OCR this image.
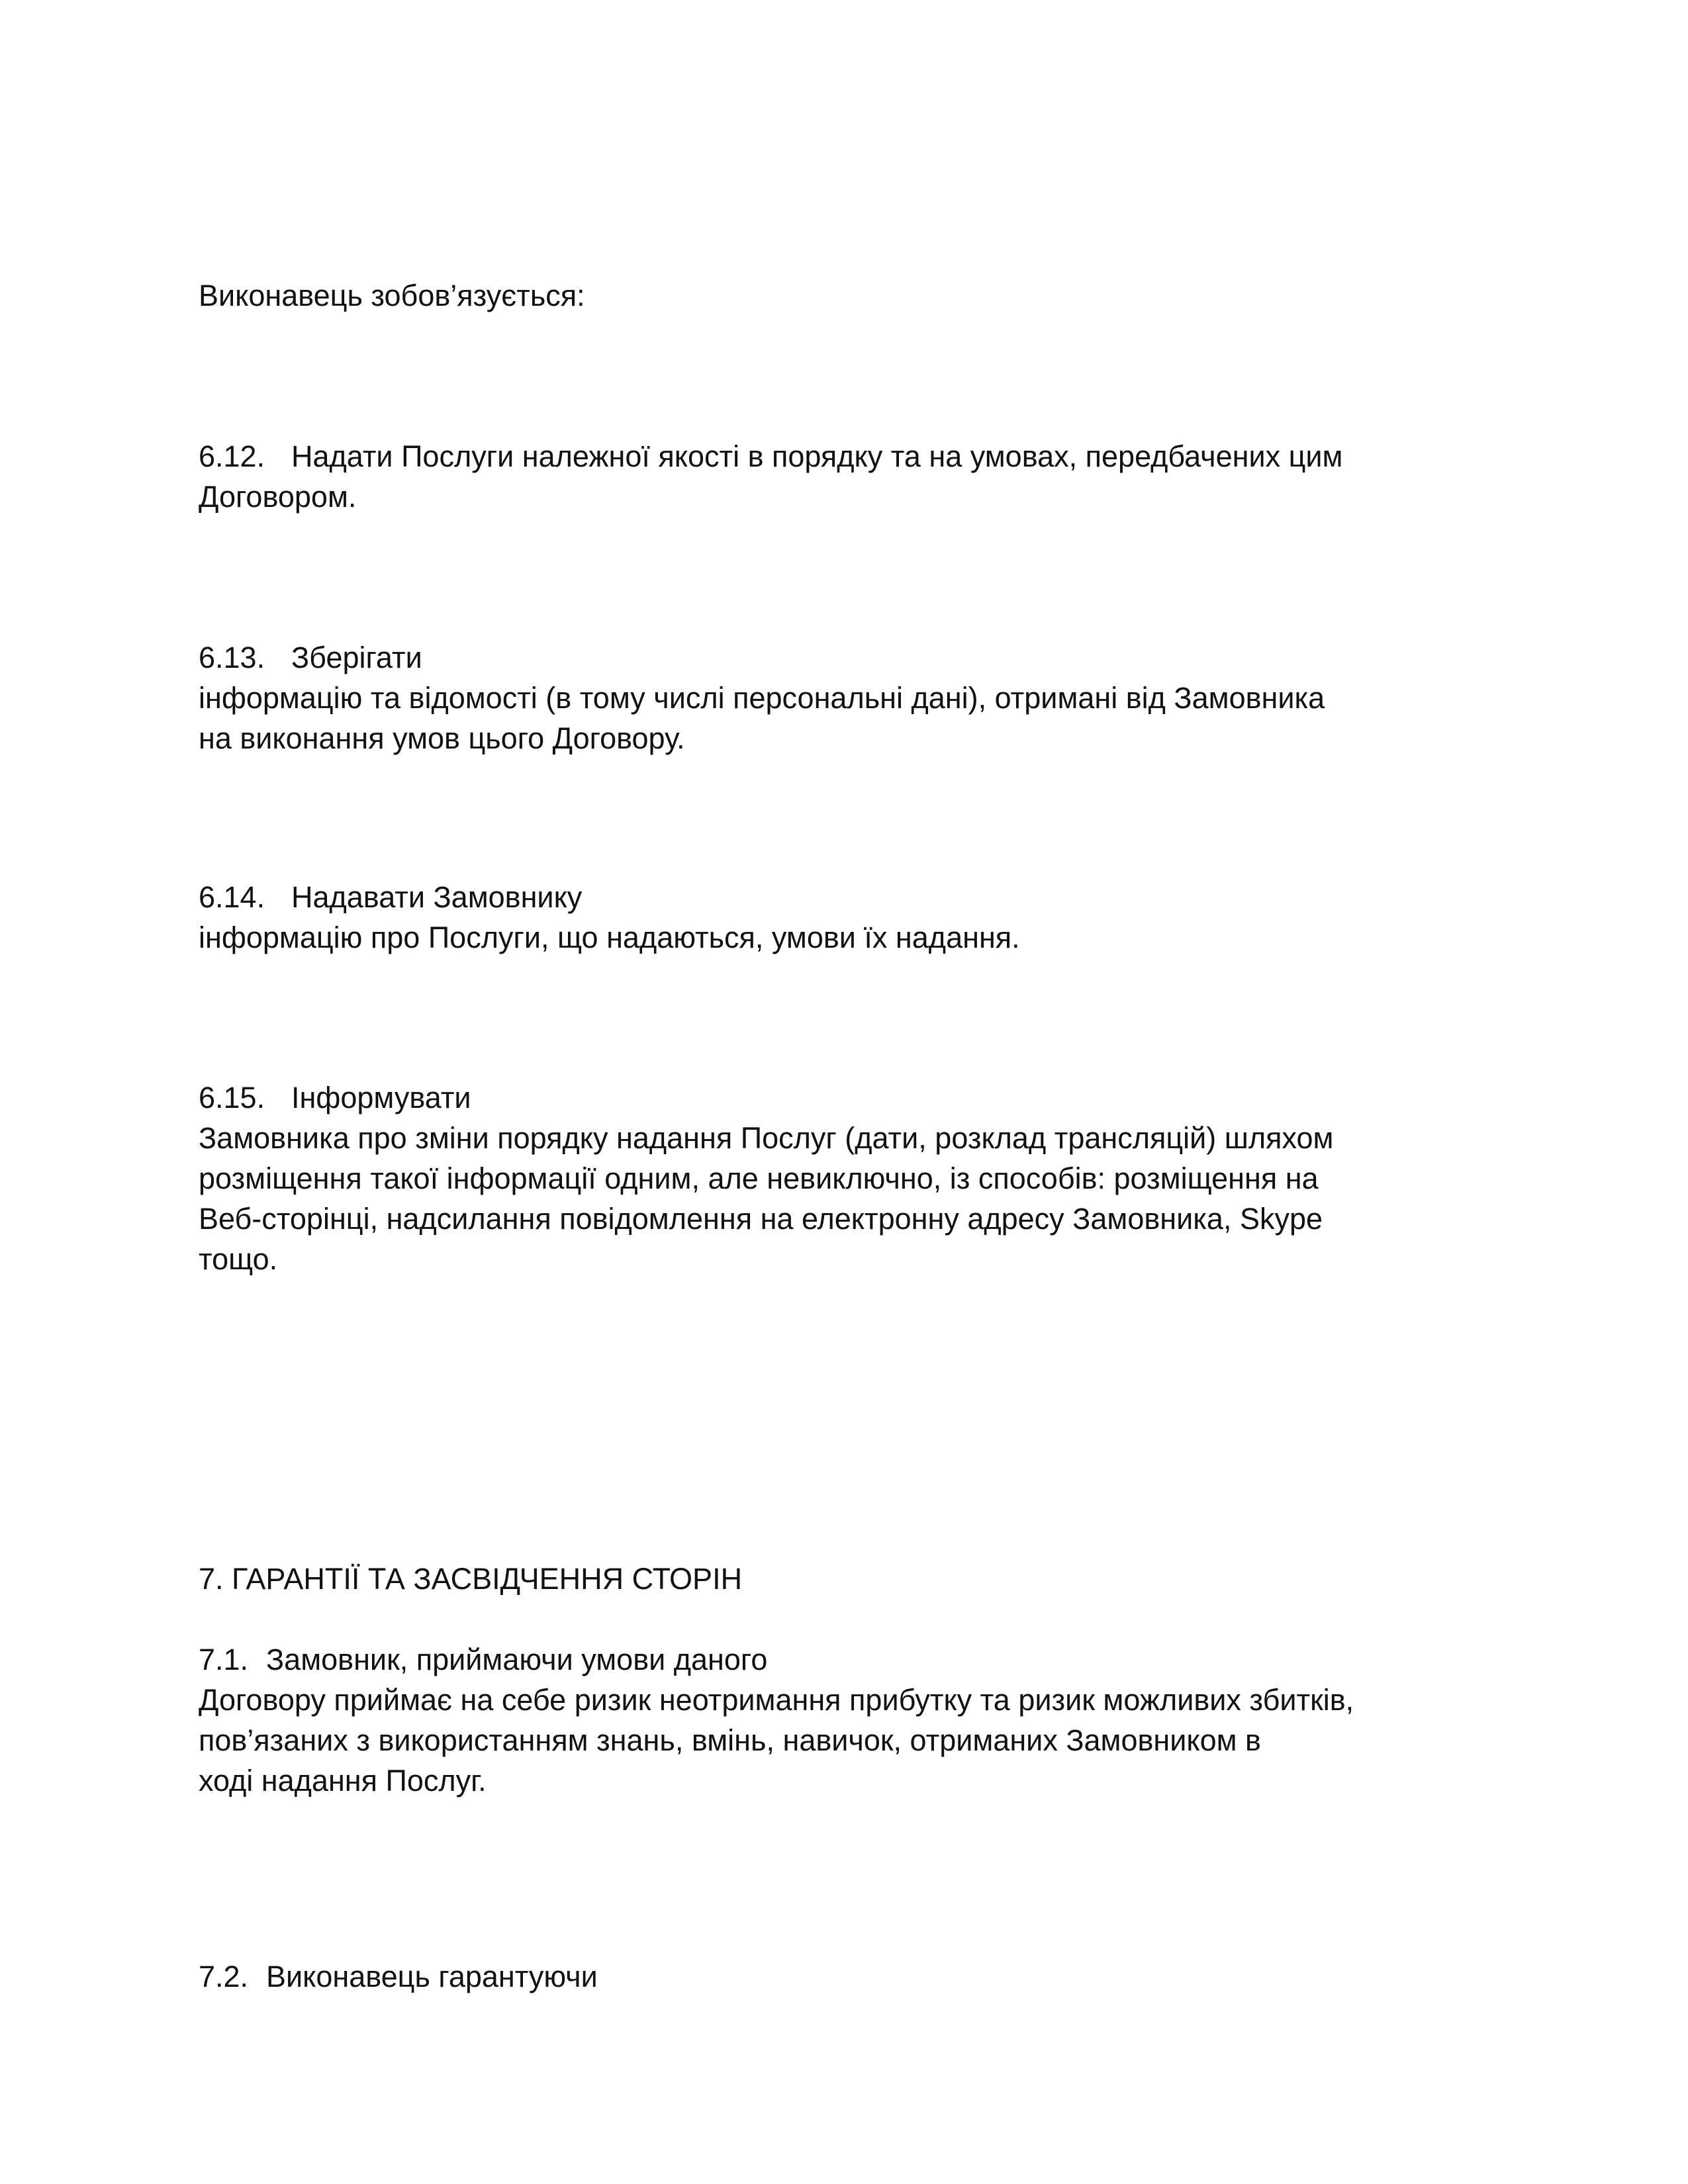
Виконавець зобов’язується:

6.12. Надати Послуги належної якості в порядку та на умовах, передбачених цим

Договором.

6.13. Зберігати

інформацію та відомості (в тому числі персональні дані), отримані від Замовника

на виконання умов цього Договору.

6.14. Надавати Замовнику

інформацію про Послуги, що надаються, умови їх надання.

6.15. Інформувати

Замовника про зміни порядку надання Послуг (дати, розклад трансляцій) шляхом

розміщення такої інформації одним, але невиключно, із способів: розміщення на

Веб-сторінці, надсилання повідомлення на електронну адресу Замовника, Skype

тощо.

7. ГАРАНТІЇ ТА ЗАСВІДЧЕННЯ СТОРІН

7.1. Замовник, приймаючи умови даного

Договору приймає на себе ризик неотримання прибутку та ризик можливих збитків,

пов’язаних з використанням знань, вмінь, навичок, отриманих Замовником в

ході надання Послуг.

7.2. Виконавець гарантуючи
